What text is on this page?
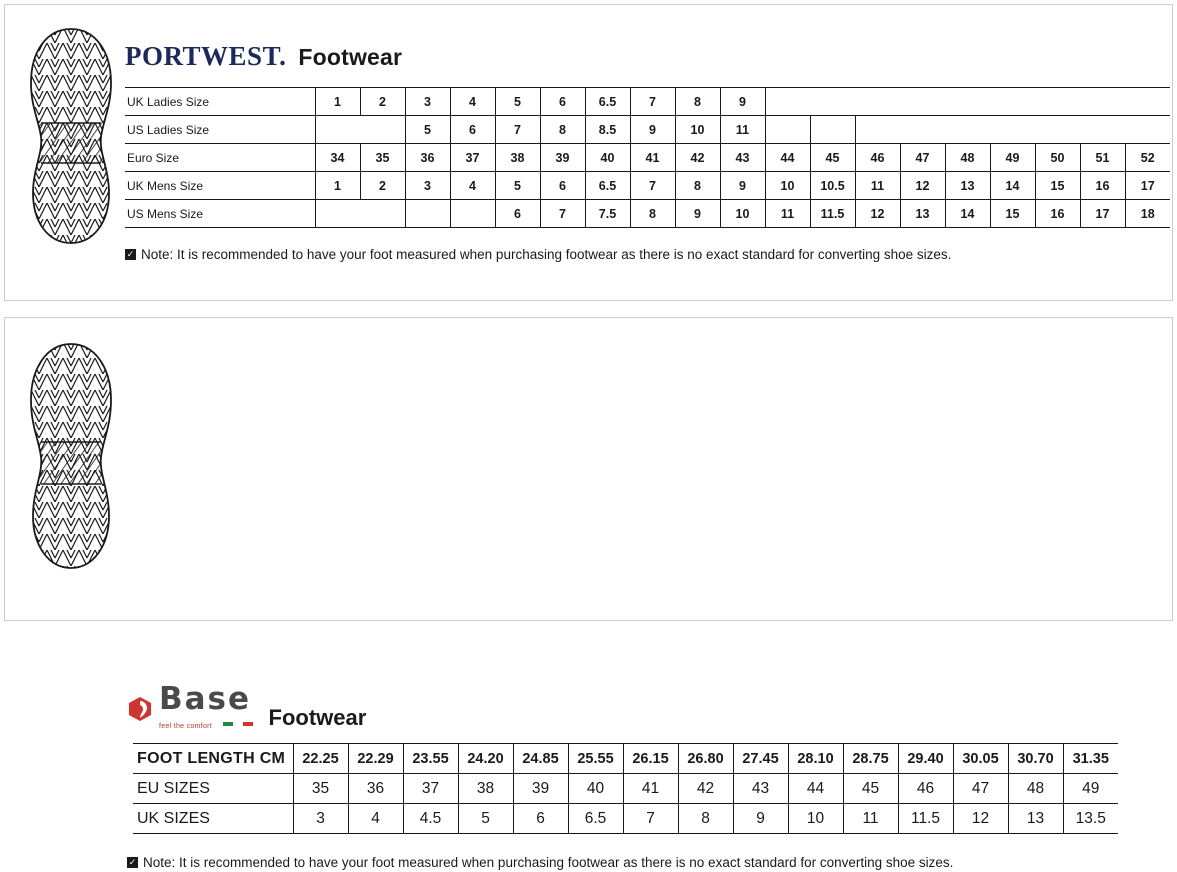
PORTWEST. Footwear
UK Ladies Size	1	2	3	4	5	6	6.5	7	8	9									
US Ladies Size			5	6	7	8	8.5	9	10	11									
Euro Size	34	35	36	37	38	39	40	41	42	43	44	45	46	47	48	49	50	51	52
UK Mens Size	1	2	3	4	5	6	6.5	7	8	9	10	10.5	11	12	13	14	15	16	17
US Mens Size					6	7	7.5	8	9	10	11	11.5	12	13	14	15	16	17	18
✓ Note: It is recommended to have your foot measured when purchasing footwear as there is no exact standard for converting shoe sizes.
Base
feel the comfort	Footwear
FOOT LENGTH CM	22.25	22.29	23.55	24.20	24.85	25.55	26.15	26.80	27.45	28.10	28.75	29.40	30.05	30.70	31.35
EU SIZES	35	36	37	38	39	40	41	42	43	44	45	46	47	48	49
UK SIZES	3	4	4.5	5	6	6.5	7	8	9	10	11	11.5	12	13	13.5
✓ Note: It is recommended to have your foot measured when purchasing footwear as there is no exact standard for converting shoe sizes.
